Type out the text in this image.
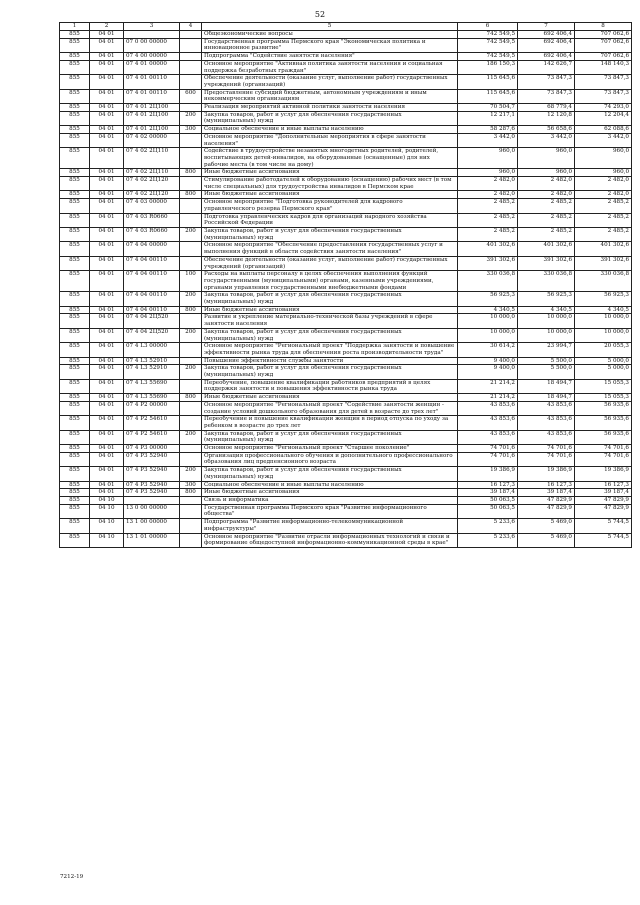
52
1	2	3	4	5	6	7	8
855	04 01			Общеэкономические вопросы	742 549,5	692 406,4	707 062,6
855	04 01	07 0 00 00000		Государственная программа Пермского края "Экономическая политика и инновационное развитие"	742 549,5	692 406,4	707 062,6
855	04 01	07 4 00 00000		Подпрограмма "Содействие занятости населения"	742 549,5	692 406,4	707 062,6
855	04 01	07 4 01 00000		Основное мероприятие "Активная политика занятости населения и социальная поддержка безработных граждан"	186 150,3	142 626,7	148 140,3
855	04 01	07 4 01 00110		Обеспечение деятельности (оказание услуг, выполнение работ) государственных учреждений (организаций)	115 645,6	73 847,3	73 847,3
855	04 01	07 4 01 00110	600	Предоставление субсидий бюджетным, автономным учреждениям и иным некоммерческим организациям	115 645,6	73 847,3	73 847,3
855	04 01	07 4 01 2Ц100		Реализация мероприятий активной политики занятости населения	70 504,7	68 779,4	74 293,0
855	04 01	07 4 01 2Ц100	200	Закупка товаров, работ и услуг для обеспечения государственных (муниципальных) нужд	12 217,1	12 120,8	12 204,4
855	04 01	07 4 01 2Ц100	300	Социальное обеспечение и иные выплаты населению	58 287,6	56 658,6	62 088,6
855	04 01	07 4 02 00000		Основное мероприятие "Дополнительные мероприятия в сфере занятости населения"	3 442,0	3 442,0	3 442,0
855	04 01	07 4 02 2Ц110		Содействие в трудоустройстве незанятых многодетных родителей, родителей, воспитывающих детей-инвалидов, на оборудованные (оснащенные) для них рабочие места (в том числе на дому)	960,0	960,0	960,0
855	04 01	07 4 02 2Ц110	800	Иные бюджетные ассигнования	960,0	960,0	960,0
855	04 01	07 4 02 2Ц120		Стимулирование работодателей к оборудованию (оснащению) рабочих мест (в том числе специальных) для трудоустройства инвалидов в Пермском крае	2 482,0	2 482,0	2 482,0
855	04 01	07 4 02 2Ц120	800	Иные бюджетные ассигнования	2 482,0	2 482,0	2 482,0
855	04 01	07 4 03 00000		Основное мероприятие "Подготовка руководителей для кадрового управленческого резерва Пермского края"	2 485,2	2 485,2	2 485,2
855	04 01	07 4 03 R0660		Подготовка управленческих кадров для организаций народного хозяйства Российской Федерации	2 485,2	2 485,2	2 485,2
855	04 01	07 4 03 R0660	200	Закупка товаров, работ и услуг для обеспечения государственных (муниципальных) нужд	2 485,2	2 485,2	2 485,2
855	04 01	07 4 04 00000		Основное мероприятие "Обеспечение предоставления государственных услуг и выполнения функций в области содействия занятости населения"	401 302,6	401 302,6	401 302,6
855	04 01	07 4 04 00110		Обеспечение деятельности (оказание услуг, выполнение работ) государственных учреждений (организаций)	391 302,6	391 302,6	391 302,6
855	04 01	07 4 04 00110	100	Расходы на выплаты персоналу в целях обеспечения выполнения функций государственными (муниципальными) органами, казенными учреждениями, органами управления государственными внебюджетными фондами	330 036,8	330 036,8	330 036,8
855	04 01	07 4 04 00110	200	Закупка товаров, работ и услуг для обеспечения государственных (муниципальных) нужд	56 925,3	56 925,3	56 925,3
855	04 01	07 4 04 00110	800	Иные бюджетные ассигнования	4 340,5	4 340,5	4 340,5
855	04 01	07 4 04 2Ц520		Развитие и укрепление материально-технической базы учреждений в сфере занятости населения	10 000,0	10 000,0	10 000,0
855	04 01	07 4 04 2Ц520	200	Закупка товаров, работ и услуг для обеспечения государственных (муниципальных) нужд	10 000,0	10 000,0	10 000,0
855	04 01	07 4 L3 00000		Основное мероприятие "Региональный проект "Поддержка занятости и повышение эффективности рынка труда для обеспечения роста производительности труда"	30 614,2	23 994,7	20 055,3
855	04 01	07 4 L3 52910		Повышение эффективности службы занятости	9 400,0	5 500,0	5 000,0
855	04 01	07 4 L3 52910	200	Закупка товаров, работ и услуг для обеспечения государственных (муниципальных) нужд	9 400,0	5 500,0	5 000,0
855	04 01	07 4 L3 55690		Переобучение, повышение квалификации работников предприятий в целях поддержки занятости и повышения эффективности рынка труда	21 214,2	18 494,7	15 055,3
855	04 01	07 4 L3 55690	800	Иные бюджетные ассигнования	21 214,2	18 494,7	15 055,3
855	04 01	07 4 P2 00000		Основное мероприятие "Региональный проект "Содействие занятости женщин - создание условий дошкольного образования для детей в возрасте до трех лет"	43 853,6	43 853,6	56 935,6
855	04 01	07 4 P2 54610		Переобучение и повышение квалификации женщин в период отпуска по уходу за ребенком в возрасте до трех лет	43 853,6	43 853,6	56 935,6
855	04 01	07 4 P2 54610	200	Закупка товаров, работ и услуг для обеспечения государственных (муниципальных) нужд	43 853,6	43 853,6	56 935,6
855	04 01	07 4 P3 00000		Основное мероприятие "Региональный проект "Старшее поколение"	74 701,6	74 701,6	74 701,6
855	04 01	07 4 P3 52940		Организация профессионального обучения и дополнительного профессионального образования лиц предпенсионного возраста	74 701,6	74 701,6	74 701,6
855	04 01	07 4 P3 52940	200	Закупка товаров, работ и услуг для обеспечения государственных (муниципальных) нужд	19 386,9	19 386,9	19 386,9
855	04 01	07 4 P3 52940	300	Социальное обеспечение и иные выплаты населению	16 127,3	16 127,3	16 127,3
855	04 01	07 4 P3 52940	800	Иные бюджетные ассигнования	39 187,4	39 187,4	39 187,4
855	04 10			Связь и информатика	50 063,5	47 829,9	47 829,9
855	04 10	13 0 00 00000		Государственная программа Пермского края "Развитие информационного общества"	50 063,5	47 829,9	47 829,9
855	04 10	13 1 00 00000		Подпрограмма "Развитие информационно-телекоммуникационной инфраструктуры"	5 233,6	5 469,0	5 744,5
855	04 10	13 1 01 00000		Основное мероприятие "Развитие отрасли информационных технологий и связи и формирование общедоступной информационно-коммуникационной среды в крае"	5 233,6	5 469,0	5 744,5
7212-19
